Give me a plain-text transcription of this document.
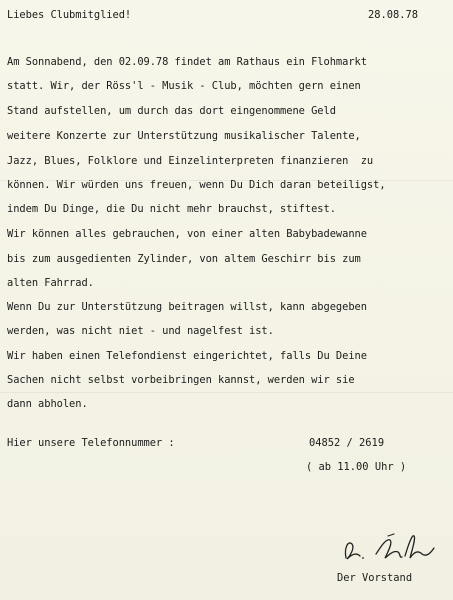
Liebes Clubmitglied!	28.08.78
Am Sonnabend, den 02.09.78 findet am Rathaus ein Flohmarkt
statt. Wir, der Röss'l - Musik - Club, möchten gern einen
Stand aufstellen, um durch das dort eingenommene Geld
weitere Konzerte zur Unterstützung musikalischer Talente,
Jazz, Blues, Folklore und Einzelinterpreten finanzieren  zu
können. Wir würden uns freuen, wenn Du Dich daran beteiligst,
indem Du Dinge, die Du nicht mehr brauchst, stiftest.
Wir können alles gebrauchen, von einer alten Babybadewanne
bis zum ausgedienten Zylinder, von altem Geschirr bis zum
alten Fahrrad.
Wenn Du zur Unterstützung beitragen willst, kann abgegeben
werden, was nicht niet - und nagelfest ist.
Wir haben einen Telefondienst eingerichtet, falls Du Deine
Sachen nicht selbst vorbeibringen kannst, werden wir sie
dann abholen.
Hier unsere Telefonnummer :	04852 / 2619
( ab 11.00 Uhr )
Der Vorstand
